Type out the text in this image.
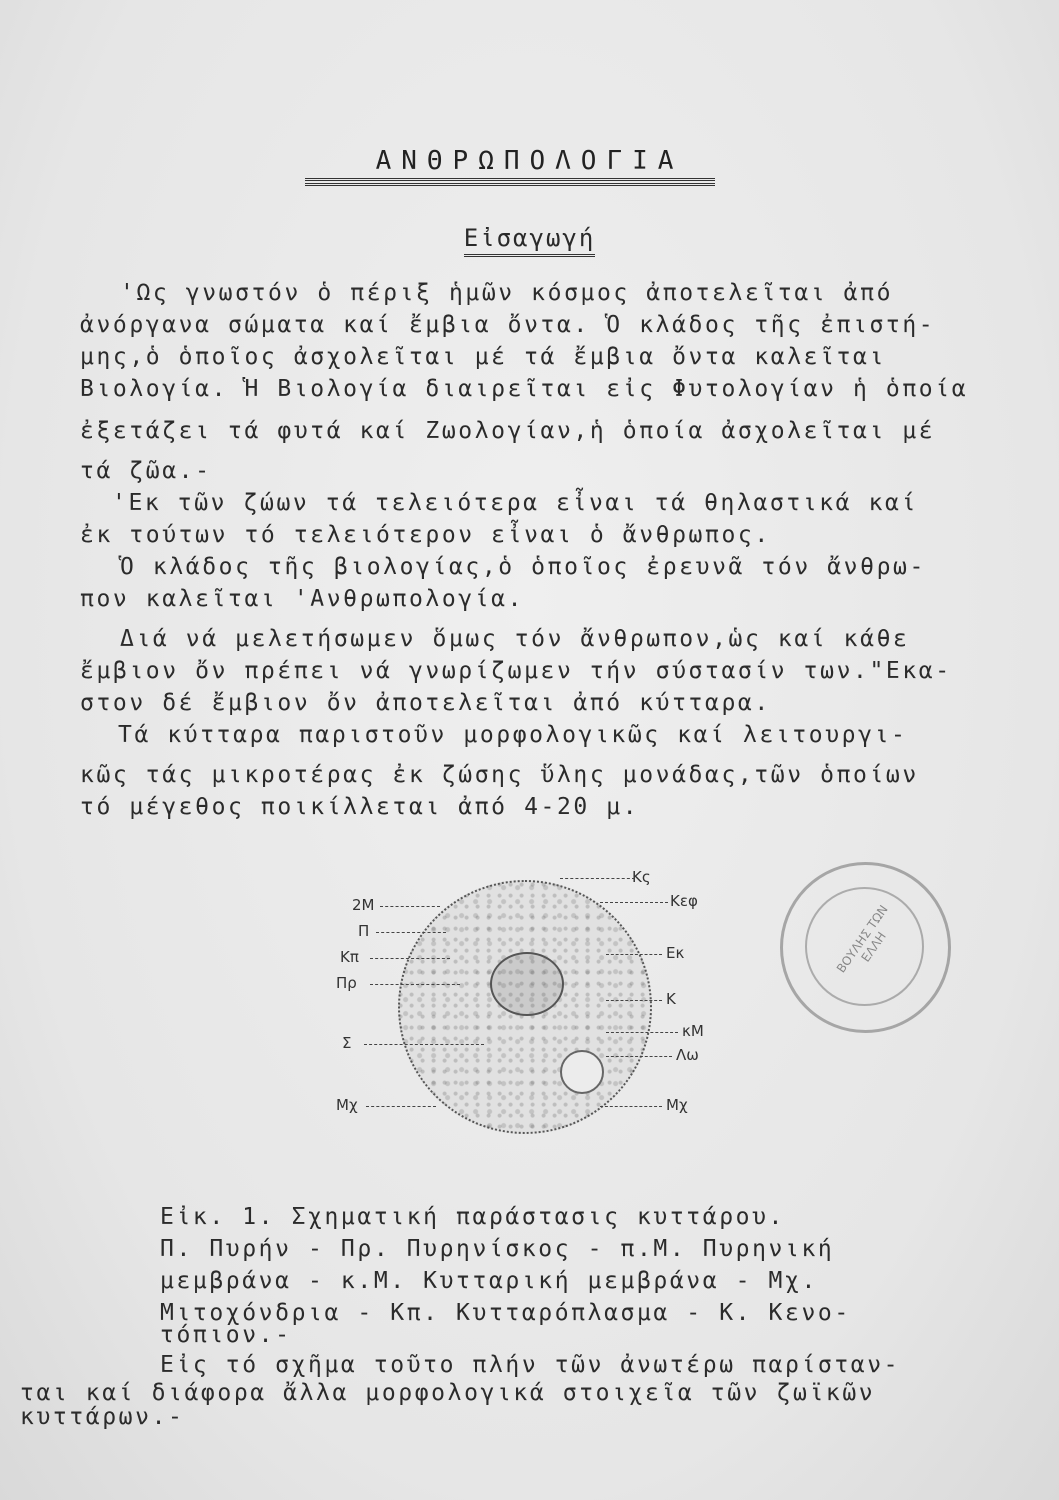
ΑΝΘΡΩΠΟΛΟΓΙΑ
Εἰσαγωγή
'Ως γνωστόν ὁ πέριξ ἡμῶν κόσμος ἀποτελεῖται ἀπό
ἀνόργανα σώματα καί ἔμβια ὄντα. Ὁ κλάδος τῆς ἐπιστή-
μης,ὁ ὁποῖος ἀσχολεῖται μέ τά ἔμβια ὄντα καλεῖται
Βιολογία. Ἡ Βιολογία διαιρεῖται εἰς Φυτολογίαν ἡ ὁποία
ἐξετάζει τά φυτά καί Ζωολογίαν,ἡ ὁποία ἀσχολεῖται μέ
τά ζῶα.-
'Εκ τῶν ζώων τά τελειότερα εἶναι τά θηλαστικά καί
ἐκ τούτων τό τελειότερον εἶναι ὁ ἄνθρωπος.
Ὁ κλάδος τῆς βιολογίας,ὁ ὁποῖος ἐρευνᾶ τόν ἄνθρω-
πον καλεῖται 'Ανθρωπολογία.
Διά νά μελετήσωμεν ὅμως τόν ἄνθρωπον,ὡς καί κάθε
ἔμβιον ὄν πρέπει νά γνωρίζωμεν τήν σύστασίν των."Εκα-
στον δέ ἔμβιον ὄν ἀποτελεῖται ἀπό κύτταρα.
Τά κύτταρα παριστοῦν μορφολογικῶς καί λειτουργι-
κῶς τάς μικροτέρας ἐκ ζώσης ὕλης μονάδας,τῶν ὁποίων
τό μέγεθος ποικίλλεται ἀπό 4-20 μ.
2Μ
Π
Κπ
Πρ
Σ
Μχ
Κς
Κεφ
Εκ
Κ
κΜ
Λω
Μχ
ΒΟΥΛΗΣ ΤΩΝ ΕΛΛΗ
Εἰκ. 1. Σχηματική παράστασις κυττάρου.
Π. Πυρήν - Πρ. Πυρηνίσκος - π.Μ. Πυρηνική
μεμβράνα - κ.Μ. Κυτταρική μεμβράνα - Μχ.
Μιτοχόνδρια - Κπ. Κυτταρόπλασμα - Κ. Κενο-
τόπιον.-
Εἰς τό σχῆμα τοῦτο πλήν τῶν ἀνωτέρω παρίσταν-
ται καί διάφορα ἄλλα μορφολογικά στοιχεῖα τῶν ζωϊκῶν
κυττάρων.-
